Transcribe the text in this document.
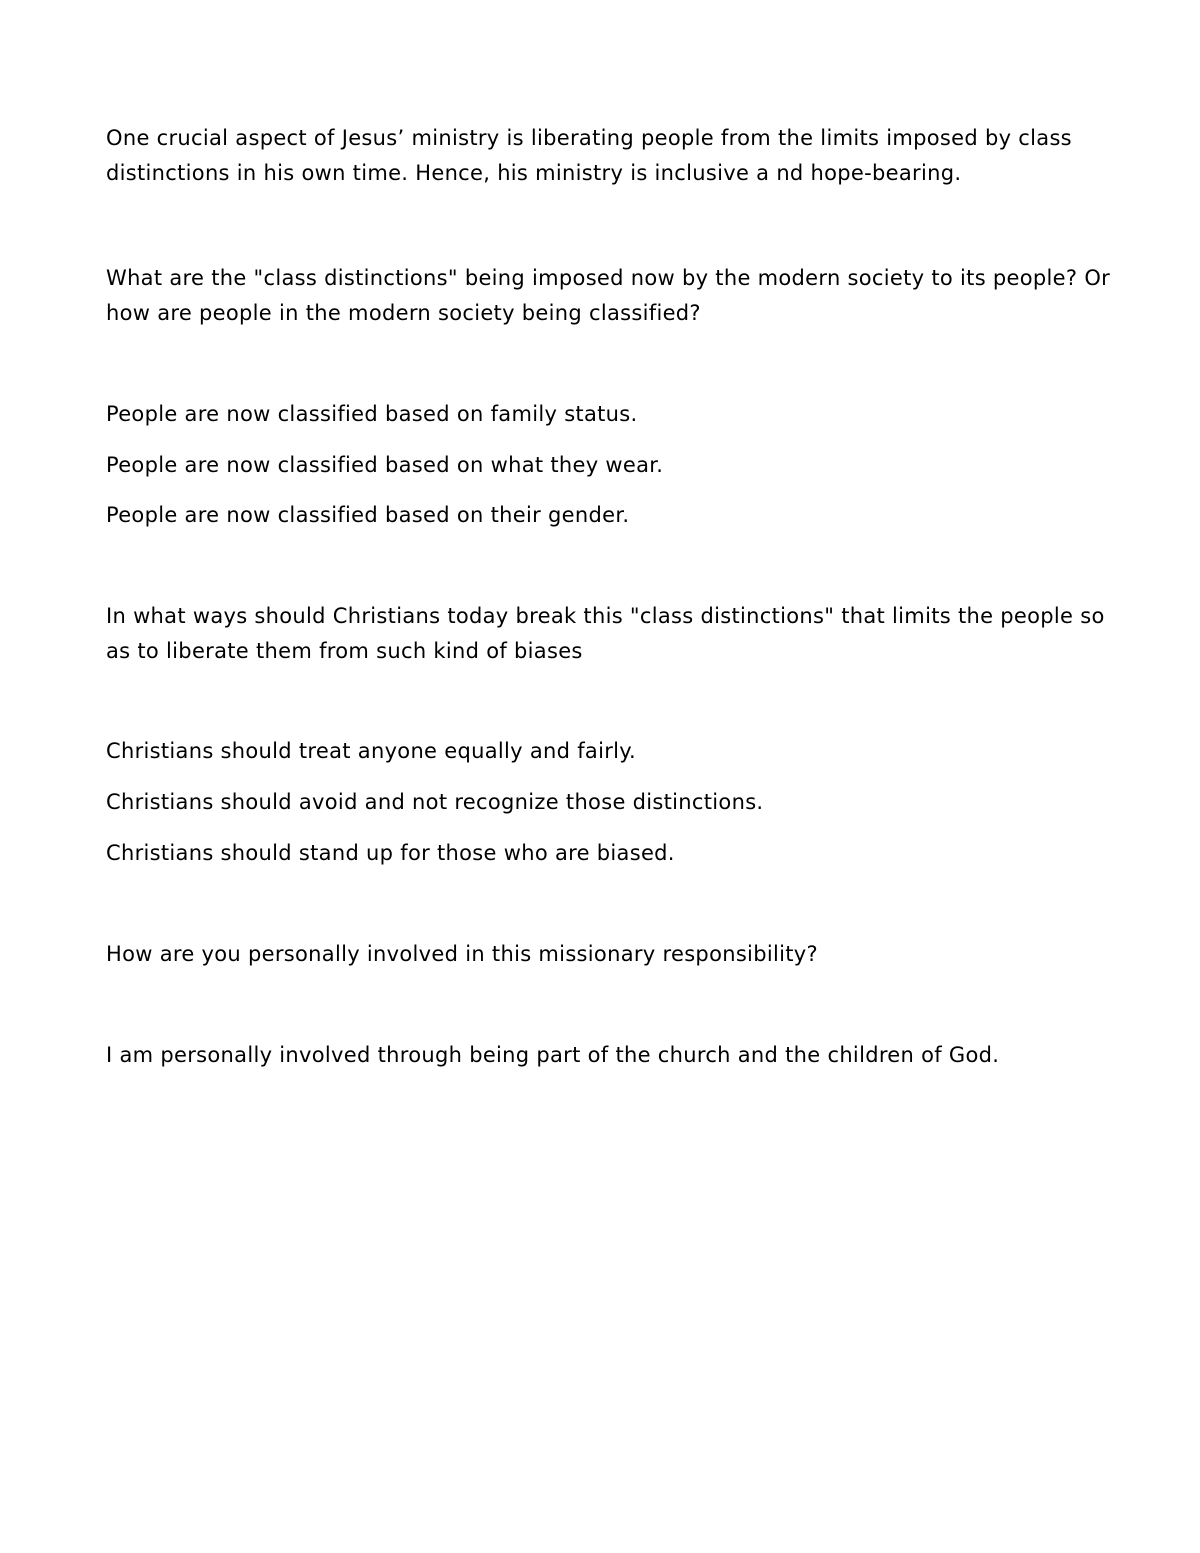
One crucial aspect of Jesus’ ministry is liberating people from the limits imposed by class distinctions in his own time. Hence, his ministry is inclusive a nd hope-bearing.

What are the "class distinctions" being imposed now by the modern society to its people? Or how are people in the modern society being classified?

People are now classified based on family status.

People are now classified based on what they wear.

People are now classified based on their gender.

In what ways should Christians today break this "class distinctions" that limits the people so as to liberate them from such kind of biases

Christians should treat anyone equally and fairly.

Christians should avoid and not recognize those distinctions.

Christians should stand up for those who are biased.

How are you personally involved in this missionary responsibility?

I am personally involved through being part of the church and the children of God.
